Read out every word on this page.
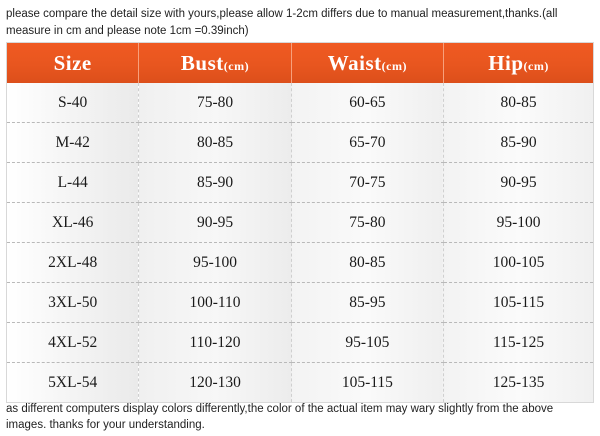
please compare the detail size with yours,please allow 1-2cm differs due to manual measurement,thanks.(all measure in cm and please note 1cm =0.39inch)
Size	Bust(cm)	Waist(cm)	Hip(cm)
S-40	75-80	60-65	80-85
M-42	80-85	65-70	85-90
L-44	85-90	70-75	90-95
XL-46	90-95	75-80	95-100
2XL-48	95-100	80-85	100-105
3XL-50	100-110	85-95	105-115
4XL-52	110-120	95-105	115-125
5XL-54	120-130	105-115	125-135
as different computers display colors differently,the color of the actual item may wary slightly from the above images. thanks for your understanding.
